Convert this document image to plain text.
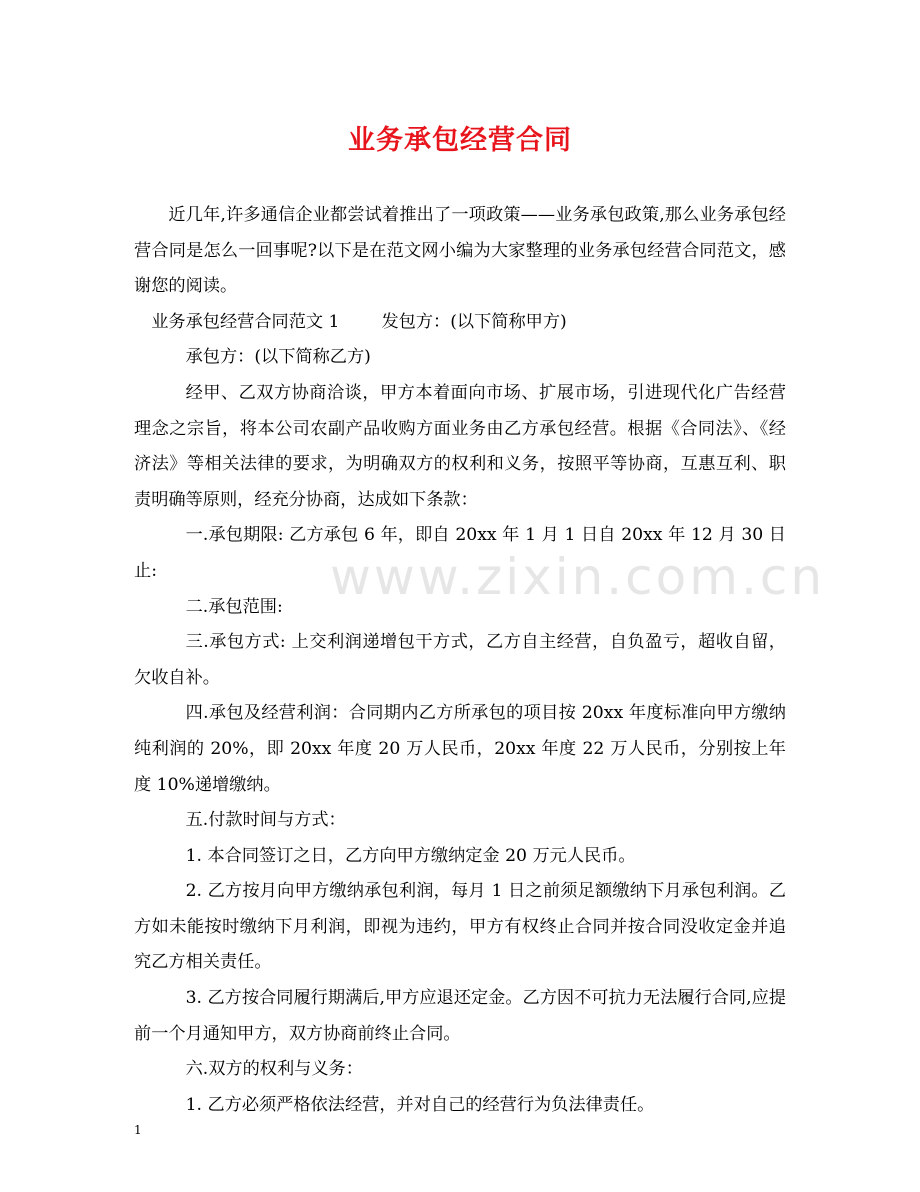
业务承包经营合同

近几年,许多通信企业都尝试着推出了一项政策——业务承包政策,那么业务承包经营合同是怎么一回事呢?以下是在范文网小编为大家整理的业务承包经营合同范文，感谢您的阅读。

业务承包经营合同范文 1 发包方：(以下简称甲方)

承包方：(以下简称乙方)

经甲、乙双方协商洽谈，甲方本着面向市场、扩展市场，引进现代化广告经营理念之宗旨，将本公司农副产品收购方面业务由乙方承包经营。根据《合同法》、《经济法》等相关法律的要求，为明确双方的权利和义务，按照平等协商，互惠互利、职责明确等原则，经充分协商，达成如下条款：

一.承包期限: 乙方承包 6 年，即自 20xx 年 1 月 1 日自 20xx 年 12 月 30 日止:

二.承包范围:

三.承包方式: 上交利润递增包干方式，乙方自主经营，自负盈亏，超收自留，欠收自补。

四.承包及经营利润：合同期内乙方所承包的项目按 20xx 年度标准向甲方缴纳纯利润的 20%，即 20xx 年度 20 万人民币，20xx 年度 22 万人民币，分别按上年度 10%递增缴纳。

五.付款时间与方式：

1. 本合同签订之日，乙方向甲方缴纳定金 20 万元人民币。

2. 乙方按月向甲方缴纳承包利润，每月 1 日之前须足额缴纳下月承包利润。乙方如未能按时缴纳下月利润，即视为违约，甲方有权终止合同并按合同没收定金并追究乙方相关责任。

3. 乙方按合同履行期满后,甲方应退还定金。乙方因不可抗力无法履行合同,应提前一个月通知甲方，双方协商前终止合同。

六.双方的权利与义务：

1. 乙方必须严格依法经营，并对自己的经营行为负法律责任。

www.zixin.com.cn
1
